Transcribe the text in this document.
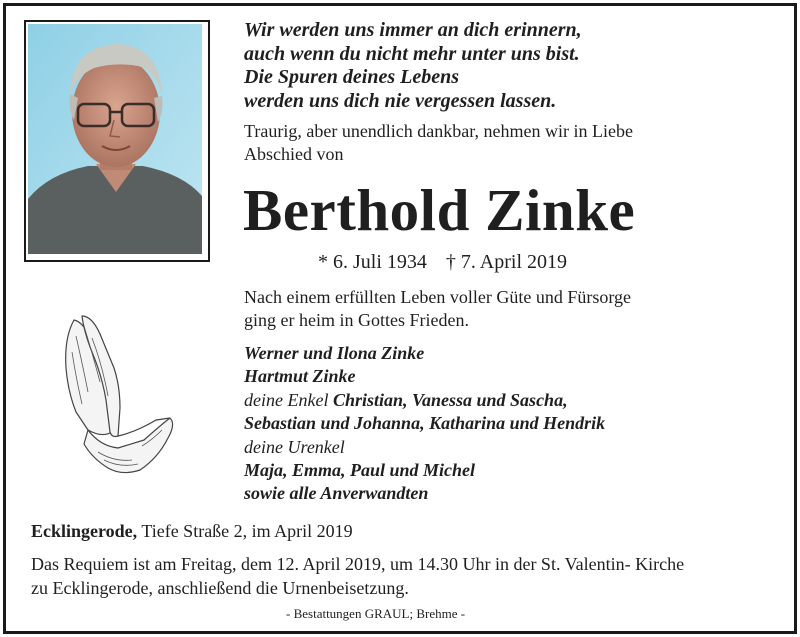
Wir werden uns immer an dich erinnern,
auch wenn du nicht mehr unter uns bist.
Die Spuren deines Lebens
werden uns dich nie vergessen lassen.
Traurig, aber unendlich dankbar, nehmen wir in Liebe
Abschied von
Berthold Zinke
* 6. Juli 1934 † 7. April 2019
Nach einem erfüllten Leben voller Güte und Fürsorge
ging er heim in Gottes Frieden.
Werner und Ilona Zinke
Hartmut Zinke
deine Enkel Christian, Vanessa und Sascha,
Sebastian und Johanna, Katharina und Hendrik
deine Urenkel
Maja, Emma, Paul und Michel
sowie alle Anverwandten
Ecklingerode, Tiefe Straße 2, im April 2019
Das Requiem ist am Freitag, dem 12. April 2019, um 14.30 Uhr in der St. Valentin- Kirche
zu Ecklingerode, anschließend die Urnenbeisetzung.
- Bestattungen GRAUL; Brehme -
